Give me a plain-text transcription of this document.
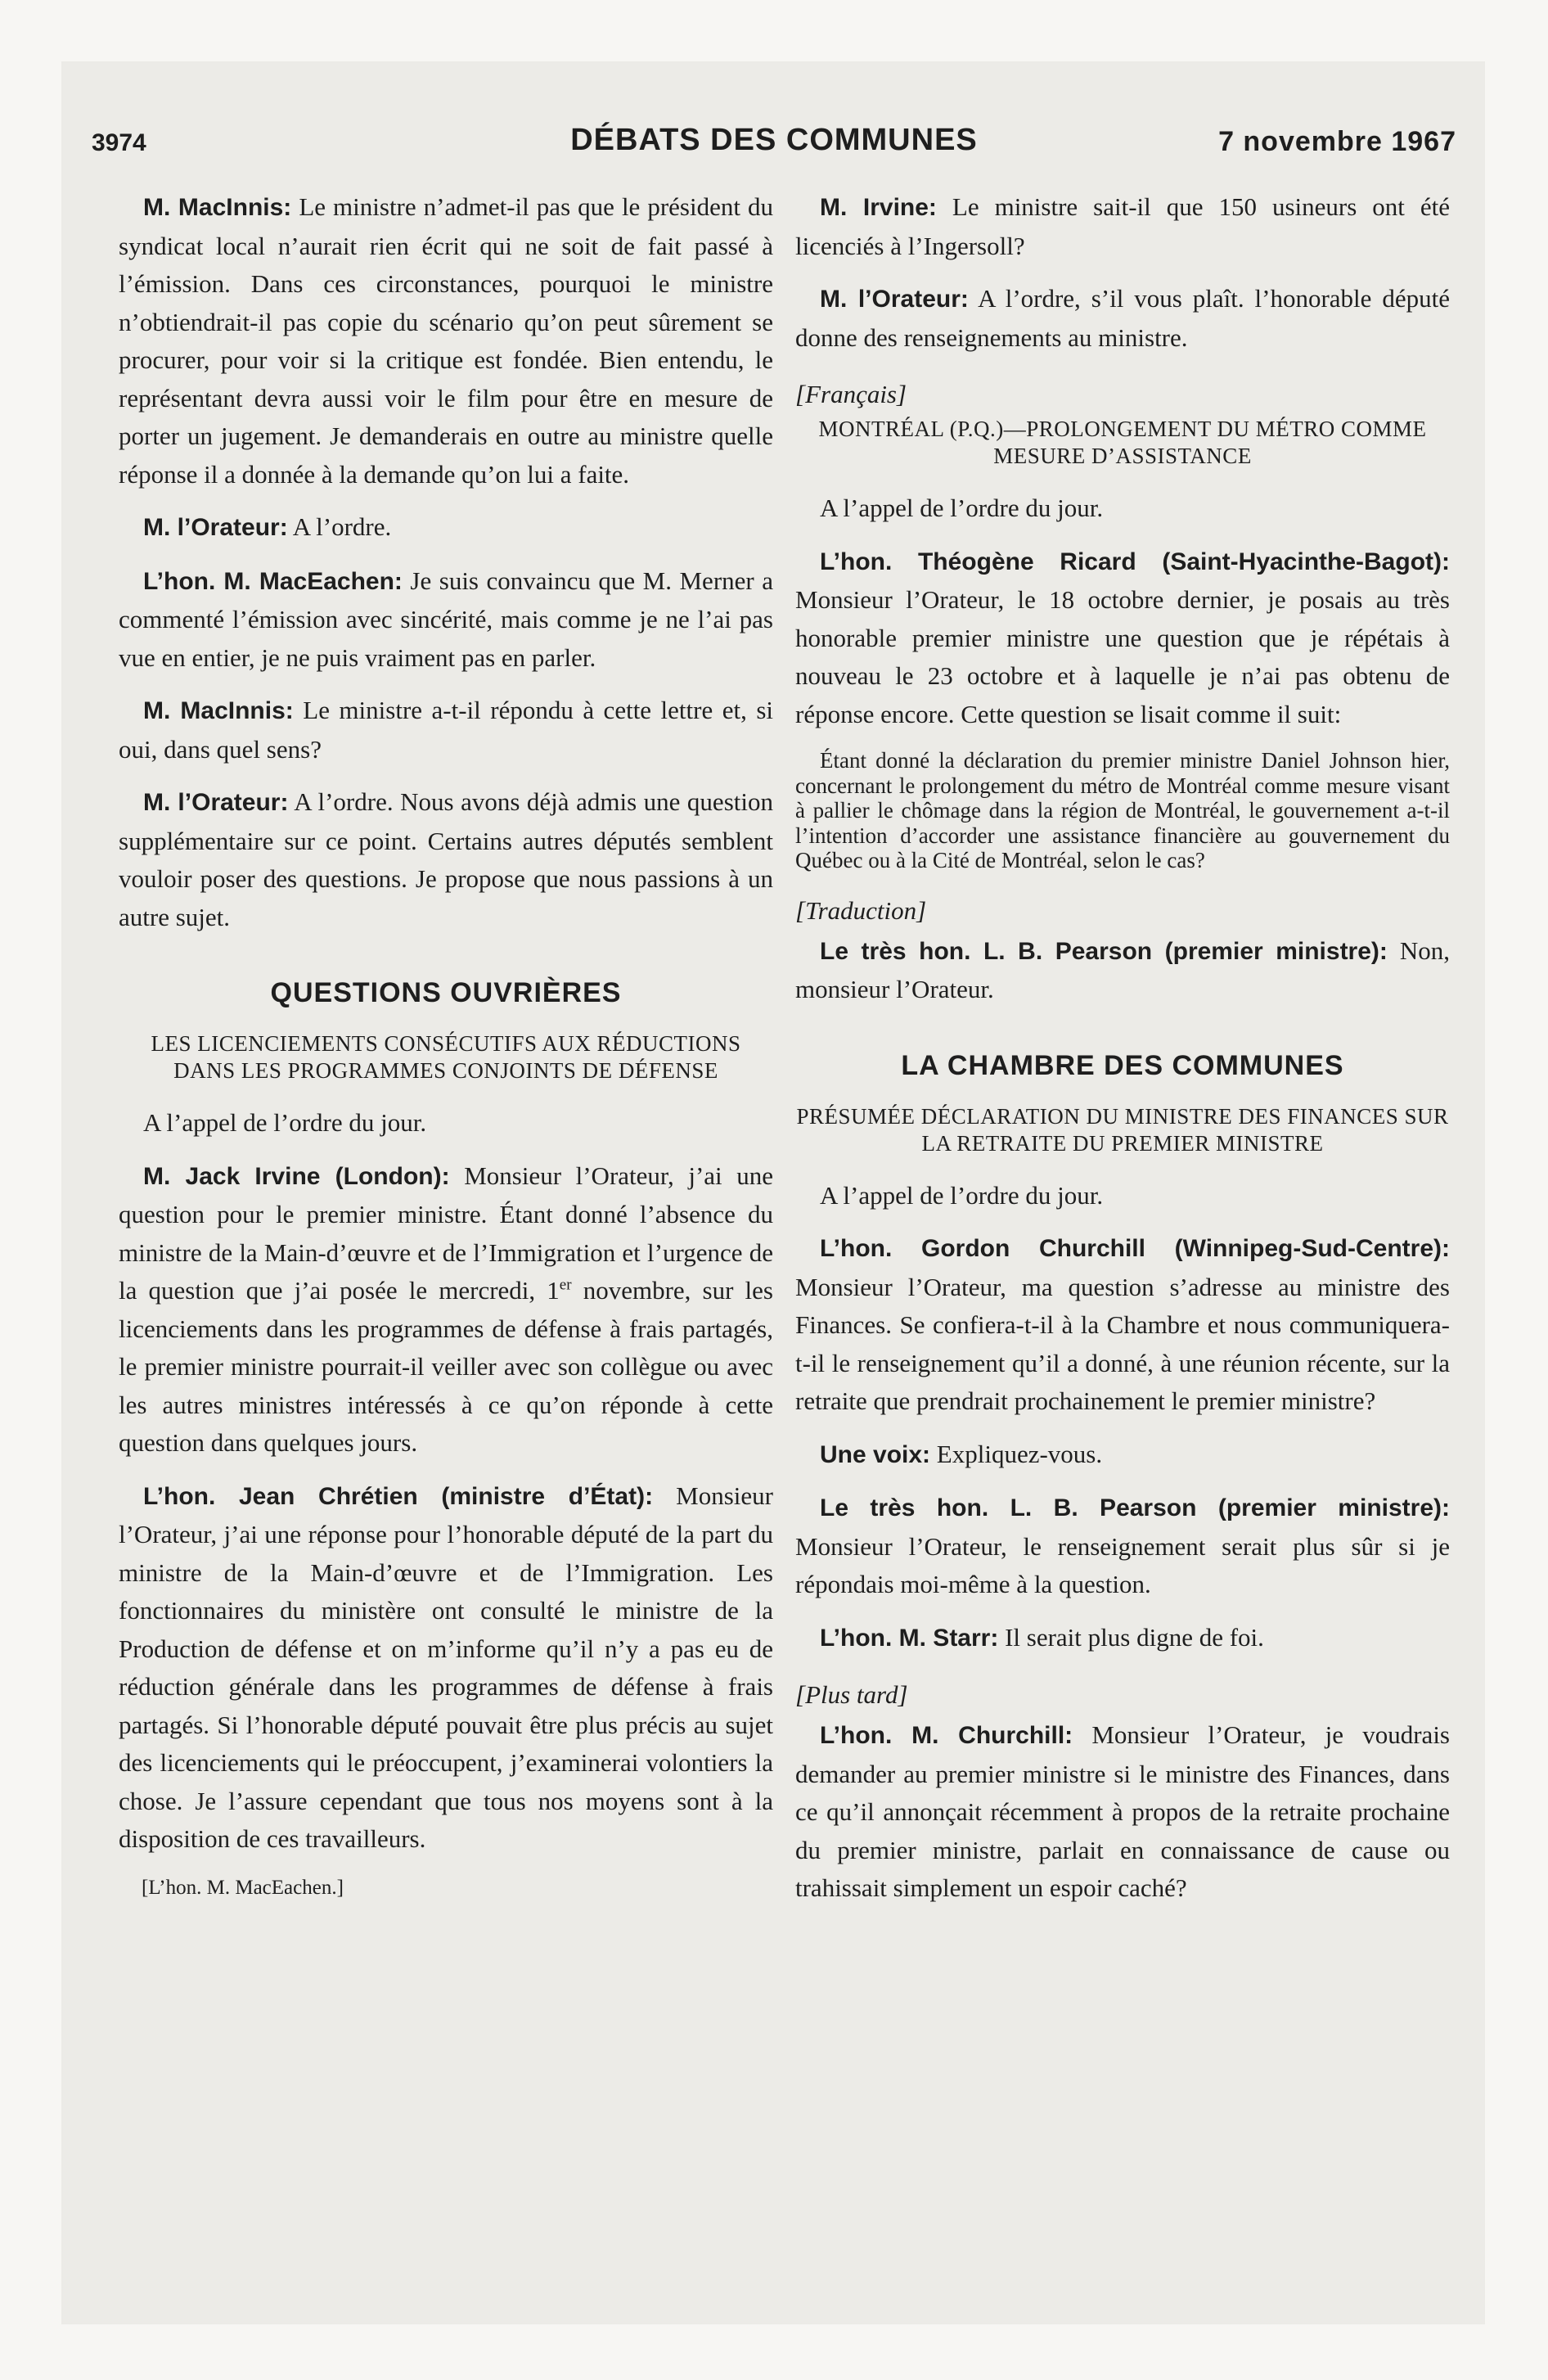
3974	DÉBATS DES COMMUNES	7 novembre 1967

M. MacInnis: Le ministre n’admet-il pas que le président du syndicat local n’aurait rien écrit qui ne soit de fait passé à l’émission. Dans ces circonstances, pourquoi le ministre n’obtiendrait-il pas copie du scénario qu’on peut sûrement se procurer, pour voir si la critique est fondée. Bien entendu, le représentant devra aussi voir le film pour être en mesure de porter un jugement. Je demanderais en outre au ministre quelle réponse il a donnée à la demande qu’on lui a faite.

M. l’Orateur: A l’ordre.

L’hon. M. MacEachen: Je suis convaincu que M. Merner a commenté l’émission avec sincérité, mais comme je ne l’ai pas vue en entier, je ne puis vraiment pas en parler.

M. MacInnis: Le ministre a-t-il répondu à cette lettre et, si oui, dans quel sens?

M. l’Orateur: A l’ordre. Nous avons déjà admis une question supplémentaire sur ce point. Certains autres députés semblent vouloir poser des questions. Je propose que nous passions à un autre sujet.

QUESTIONS OUVRIÈRES
LES LICENCIEMENTS CONSÉCUTIFS AUX RÉDUCTIONS DANS LES PROGRAMMES CONJOINTS DE DÉFENSE

A l’appel de l’ordre du jour.

M. Jack Irvine (London): Monsieur l’Orateur, j’ai une question pour le premier ministre. Étant donné l’absence du ministre de la Main-d’œuvre et de l’Immigration et l’urgence de la question que j’ai posée le mercredi, 1er novembre, sur les licenciements dans les programmes de défense à frais partagés, le premier ministre pourrait-il veiller avec son collègue ou avec les autres ministres intéressés à ce qu’on réponde à cette question dans quelques jours.

L’hon. Jean Chrétien (ministre d’État): Monsieur l’Orateur, j’ai une réponse pour l’honorable député de la part du ministre de la Main-d’œuvre et de l’Immigration. Les fonctionnaires du ministère ont consulté le ministre de la Production de défense et on m’informe qu’il n’y a pas eu de réduction générale dans les programmes de défense à frais partagés. Si l’honorable député pouvait être plus précis au sujet des licenciements qui le préoccupent, j’examinerai volontiers la chose. Je l’assure cependant que tous nos moyens sont à la disposition de ces travailleurs.

[L’hon. M. MacEachen.]

M. Irvine: Le ministre sait-il que 150 usineurs ont été licenciés à l’Ingersoll?

M. l’Orateur: A l’ordre, s’il vous plaît. l’honorable député donne des renseignements au ministre.

[Français]
MONTRÉAL (P.Q.)—PROLONGEMENT DU MÉTRO COMME MESURE D’ASSISTANCE

A l’appel de l’ordre du jour.

L’hon. Théogène Ricard (Saint-Hyacinthe-Bagot): Monsieur l’Orateur, le 18 octobre dernier, je posais au très honorable premier ministre une question que je répétais à nouveau le 23 octobre et à laquelle je n’ai pas obtenu de réponse encore. Cette question se lisait comme il suit:

Étant donné la déclaration du premier ministre Daniel Johnson hier, concernant le prolongement du métro de Montréal comme mesure visant à pallier le chômage dans la région de Montréal, le gouvernement a-t-il l’intention d’accorder une assistance financière au gouvernement du Québec ou à la Cité de Montréal, selon le cas?
[Traduction]

Le très hon. L. B. Pearson (premier ministre): Non, monsieur l’Orateur.

LA CHAMBRE DES COMMUNES
PRÉSUMÉE DÉCLARATION DU MINISTRE DES FINANCES SUR LA RETRAITE DU PREMIER MINISTRE

A l’appel de l’ordre du jour.

L’hon. Gordon Churchill (Winnipeg-Sud-Centre): Monsieur l’Orateur, ma question s’adresse au ministre des Finances. Se confiera-t-il à la Chambre et nous communiquera-t-il le renseignement qu’il a donné, à une réunion récente, sur la retraite que prendrait prochainement le premier ministre?

Une voix: Expliquez-vous.

Le très hon. L. B. Pearson (premier ministre): Monsieur l’Orateur, le renseignement serait plus sûr si je répondais moi-même à la question.

L’hon. M. Starr: Il serait plus digne de foi.

[Plus tard]

L’hon. M. Churchill: Monsieur l’Orateur, je voudrais demander au premier ministre si le ministre des Finances, dans ce qu’il annonçait récemment à propos de la retraite prochaine du premier ministre, parlait en connaissance de cause ou trahissait simplement un espoir caché?
